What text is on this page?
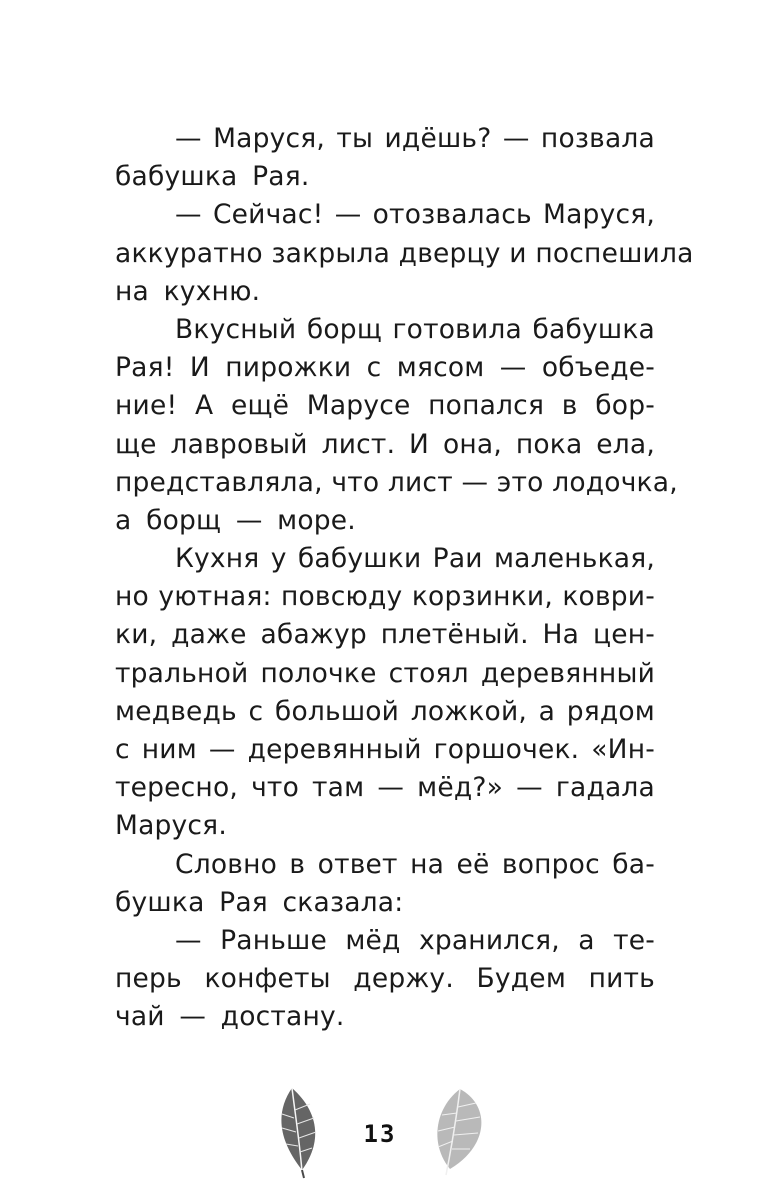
— Маруся, ты идёшь? — позвала
бабушка Рая.
— Сейчас! — отозвалась Маруся,
аккуратно закрыла дверцу и поспешила
на кухню.
Вкусный борщ готовила бабушка
Рая! И пирожки с мясом — объеде-
ние! А ещё Марусе попался в бор-
ще лавровый лист. И она, пока ела,
представляла, что лист — это лодочка,
а борщ — море.
Кухня у бабушки Раи маленькая,
но уютная: повсюду корзинки, коври-
ки, даже абажур плетёный. На цен-
тральной полочке стоял деревянный
медведь с большой ложкой, а рядом
с ним — деревянный горшочек. «Ин-
тересно, что там — мёд?» — гадала
Маруся.
Словно в ответ на её вопрос ба-
бушка Рая сказала:
— Раньше мёд хранился, а те-
перь конфеты держу. Будем пить
чай — достану.
13
